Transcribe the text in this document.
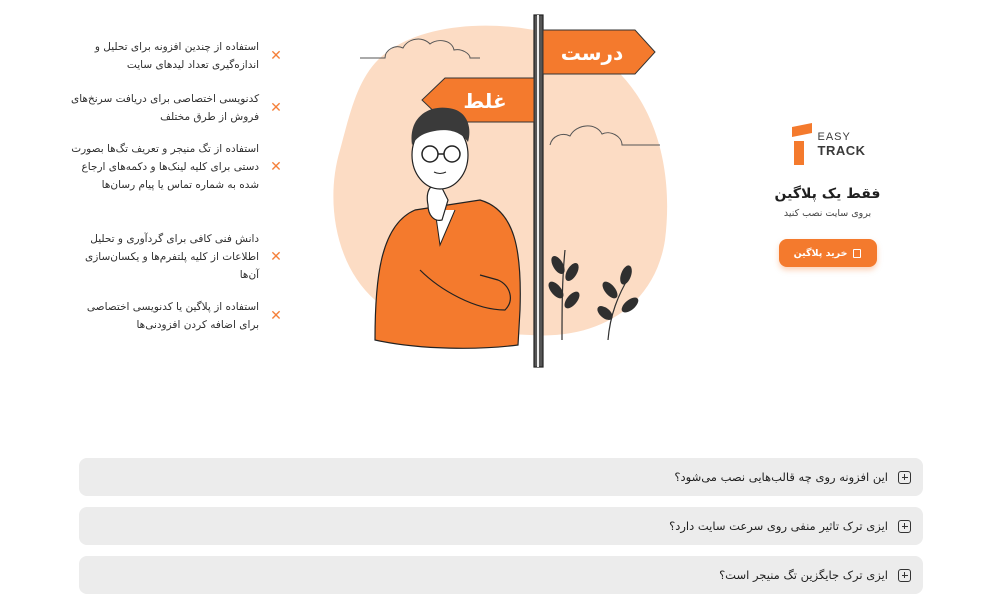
استفاده از چندین افزونه برای تحلیل و اندازه‌گیری تعداد لیدهای سایت
✕
کدنویسی اختصاصی برای دریافت سرنخ‌های فروش از طرق مختلف
✕
استفاده از تگ منیجر و تعریف تگ‌ها بصورت دستی برای کلیه لینک‌ها و دکمه‌های ارجاع شده به شماره تماس یا پیام رسان‌ها
✕
دانش فنی کافی برای گردآوری و تحلیل اطلاعات از کلیه پلتفرم‌ها و یکسان‌سازی آن‌ها
✕
استفاده از پلاگین یا کدنویسی اختصاصی برای اضافه کردن افزودنی‌ها
✕
درست
غلط
EASY
TRACK
فقط یک پلاگین
بروی سایت نصب کنید
خرید پلاگین
این افزونه روی چه قالب‌هایی نصب می‌شود؟
ایزی ترک تاثیر منفی روی سرعت سایت دارد؟
ایزی ترک جایگزین تگ منیجر است؟
